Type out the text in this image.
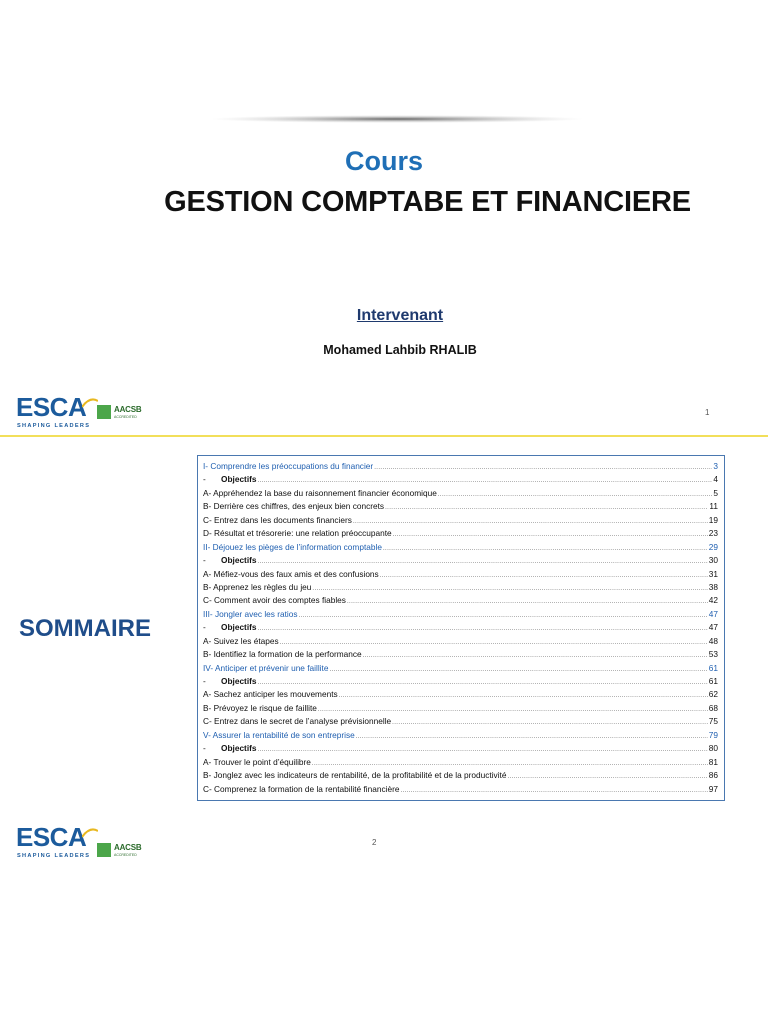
Cours
GESTION COMPTABE ET FINANCIERE
Intervenant
Mohamed Lahbib RHALIB
ESCA
SHAPING LEADERS
AACSB
ACCREDITED	1
SOMMAIRE
I- Comprendre les préoccupations du financier .....	3
- Objectifs .....	4
A- Appréhendez la base du raisonnement financier économique .....	5
B- Derrière ces chiffres, des enjeux bien concrets .....	11
C- Entrez dans les documents financiers .....	19
D- Résultat et trésorerie: une relation préoccupante .....	23
II- Déjouez les pièges de l’information comptable .....	29
- Objectifs .....	30
A- Méfiez-vous des faux amis et des confusions .....	31
B- Apprenez les règles du jeu .....	38
C- Comment avoir des comptes fiables .....	42
III- Jongler avec les ratios .....	47
- Objectifs .....	47
A- Suivez les étapes .....	48
B- Identifiez la formation de la performance .....	53
IV- Anticiper et prévenir une faillite .....	61
- Objectifs .....	61
A- Sachez anticiper les mouvements .....	62
B- Prévoyez le risque de faillite .....	68
C- Entrez dans le secret de l’analyse prévisionnelle .....	75
V- Assurer la rentabilité de son entreprise .....	79
- Objectifs .....	80
A- Trouver le point d’équilibre .....	81
B- Jonglez avec les indicateurs de rentabilité, de la profitabilité et de la productivité .....	86
C- Comprenez la formation de la rentabilité financière .....	97
ESCA
SHAPING LEADERS
AACSB
ACCREDITED
2
